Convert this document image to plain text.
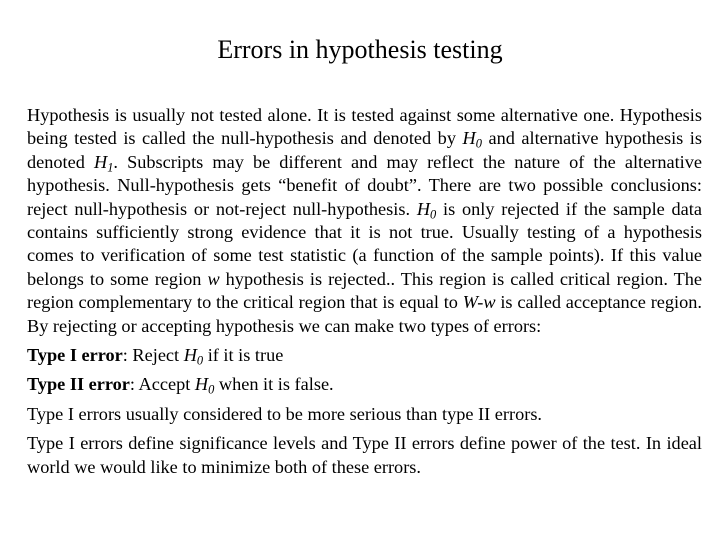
Errors in hypothesis testing

Hypothesis is usually not tested alone. It is tested against some alternative one. Hypothesis being tested is called the null-hypothesis and denoted by $H_0$ and alternative hypothesis is denoted $H_1$. Subscripts may be different and may reflect the nature of the alternative hypothesis. Null-hypothesis gets “benefit of doubt”. There are two possible conclusions: reject null-hypothesis or not-reject null-hypothesis. $H_0$ is only rejected if the sample data contains sufficiently strong evidence that it is not true. Usually testing of a hypothesis comes to verification of some test statistic (a function of the sample points). If this value belongs to some region w hypothesis is rejected.. This region is called critical region. The region complementary to the critical region that is equal to W-w is called acceptance region. By rejecting or accepting hypothesis we can make two types of errors:

Type I error: Reject $H_0$ if it is true

Type II error: Accept $H_0$ when it is false.

Type I errors usually considered to be more serious than type II errors.

Type I errors define significance levels and Type II errors define power of the test. In ideal world we would like to minimize both of these errors.
